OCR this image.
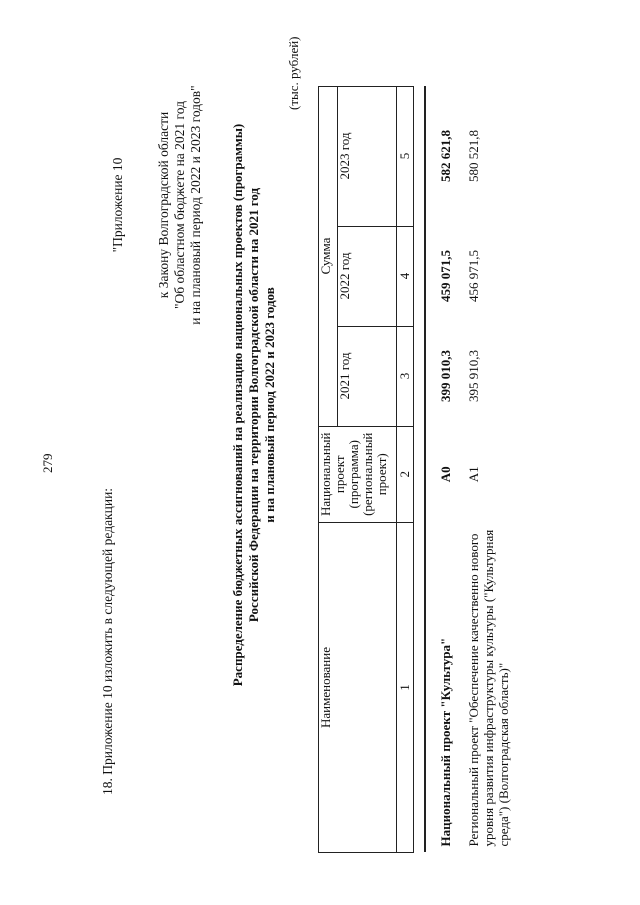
279
18. Приложение 10 изложить в следующей редакции:
"Приложение 10 к Закону Волгоградской области "Об областном бюджете на 2021 год и на плановый период 2022 и 2023 годов" Распределение бюджетных ассигнований на реализацию национальных проектов (программы) Российской Федерации на территории Волгоградской области на 2021 год и на плановый период 2022 и 2023 годов
(тыс. рублей)
Наименование	Национальный проект (программа) (региональный проект)	Сумма		
		2021 год	2022 год	2023 год
1	2	3	4	5

Национальный проект "Культура"	А0	399 010,3	459 071,5	582 621,8
Региональный проект "Обеспечение качественно нового уровня развития инфраструктуры культуры ("Культурная среда") (Волгоградская область)"	А1	395 910,3	456 971,5	580 521,8
